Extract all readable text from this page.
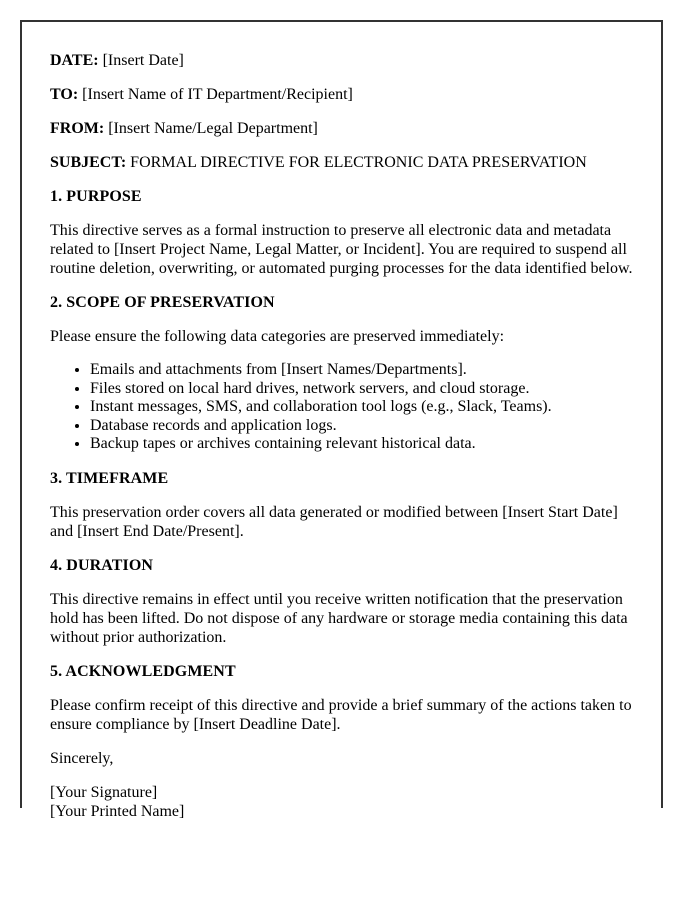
DATE: [Insert Date]

TO: [Insert Name of IT Department/Recipient]

FROM: [Insert Name/Legal Department]

SUBJECT: FORMAL DIRECTIVE FOR ELECTRONIC DATA PRESERVATION

1. PURPOSE

This directive serves as a formal instruction to preserve all electronic data and metadata related to [Insert Project Name, Legal Matter, or Incident]. You are required to suspend all routine deletion, overwriting, or automated purging processes for the data identified below.

2. SCOPE OF PRESERVATION

Please ensure the following data categories are preserved immediately:

• Emails and attachments from [Insert Names/Departments].
• Files stored on local hard drives, network servers, and cloud storage.
• Instant messages, SMS, and collaboration tool logs (e.g., Slack, Teams).
• Database records and application logs.
• Backup tapes or archives containing relevant historical data.

3. TIMEFRAME

This preservation order covers all data generated or modified between [Insert Start Date] and [Insert End Date/Present].

4. DURATION

This directive remains in effect until you receive written notification that the preservation hold has been lifted. Do not dispose of any hardware or storage media containing this data without prior authorization.

5. ACKNOWLEDGMENT

Please confirm receipt of this directive and provide a brief summary of the actions taken to ensure compliance by [Insert Deadline Date].

Sincerely,

[Your Signature]
[Your Printed Name]
